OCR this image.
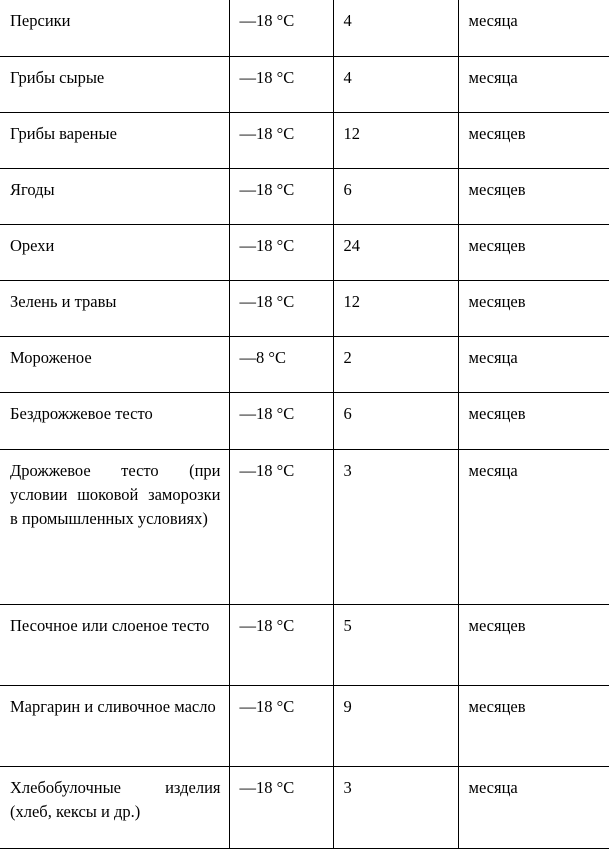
Персики	—18 °С	4	месяца
Грибы сырые	—18 °С	4	месяца
Грибы вареные	—18 °С	12	месяцев
Ягоды	—18 °С	6	месяцев
Орехи	—18 °С	24	месяцев
Зелень и травы	—18 °С	12	месяцев
Мороженое	—8 °С	2	месяца
Бездрожжевое тесто	—18 °С	6	месяцев
Дрожжевое тесто (при условии шоковой заморозки в промышленных условиях)	—18 °С	3	месяца
Песочное или слоеное тесто	—18 °С	5	месяцев
Маргарин и сливочное масло	—18 °С	9	месяцев
Хлебобулочные изделия (хлеб, кексы и др.)	—18 °С	3	месяца
